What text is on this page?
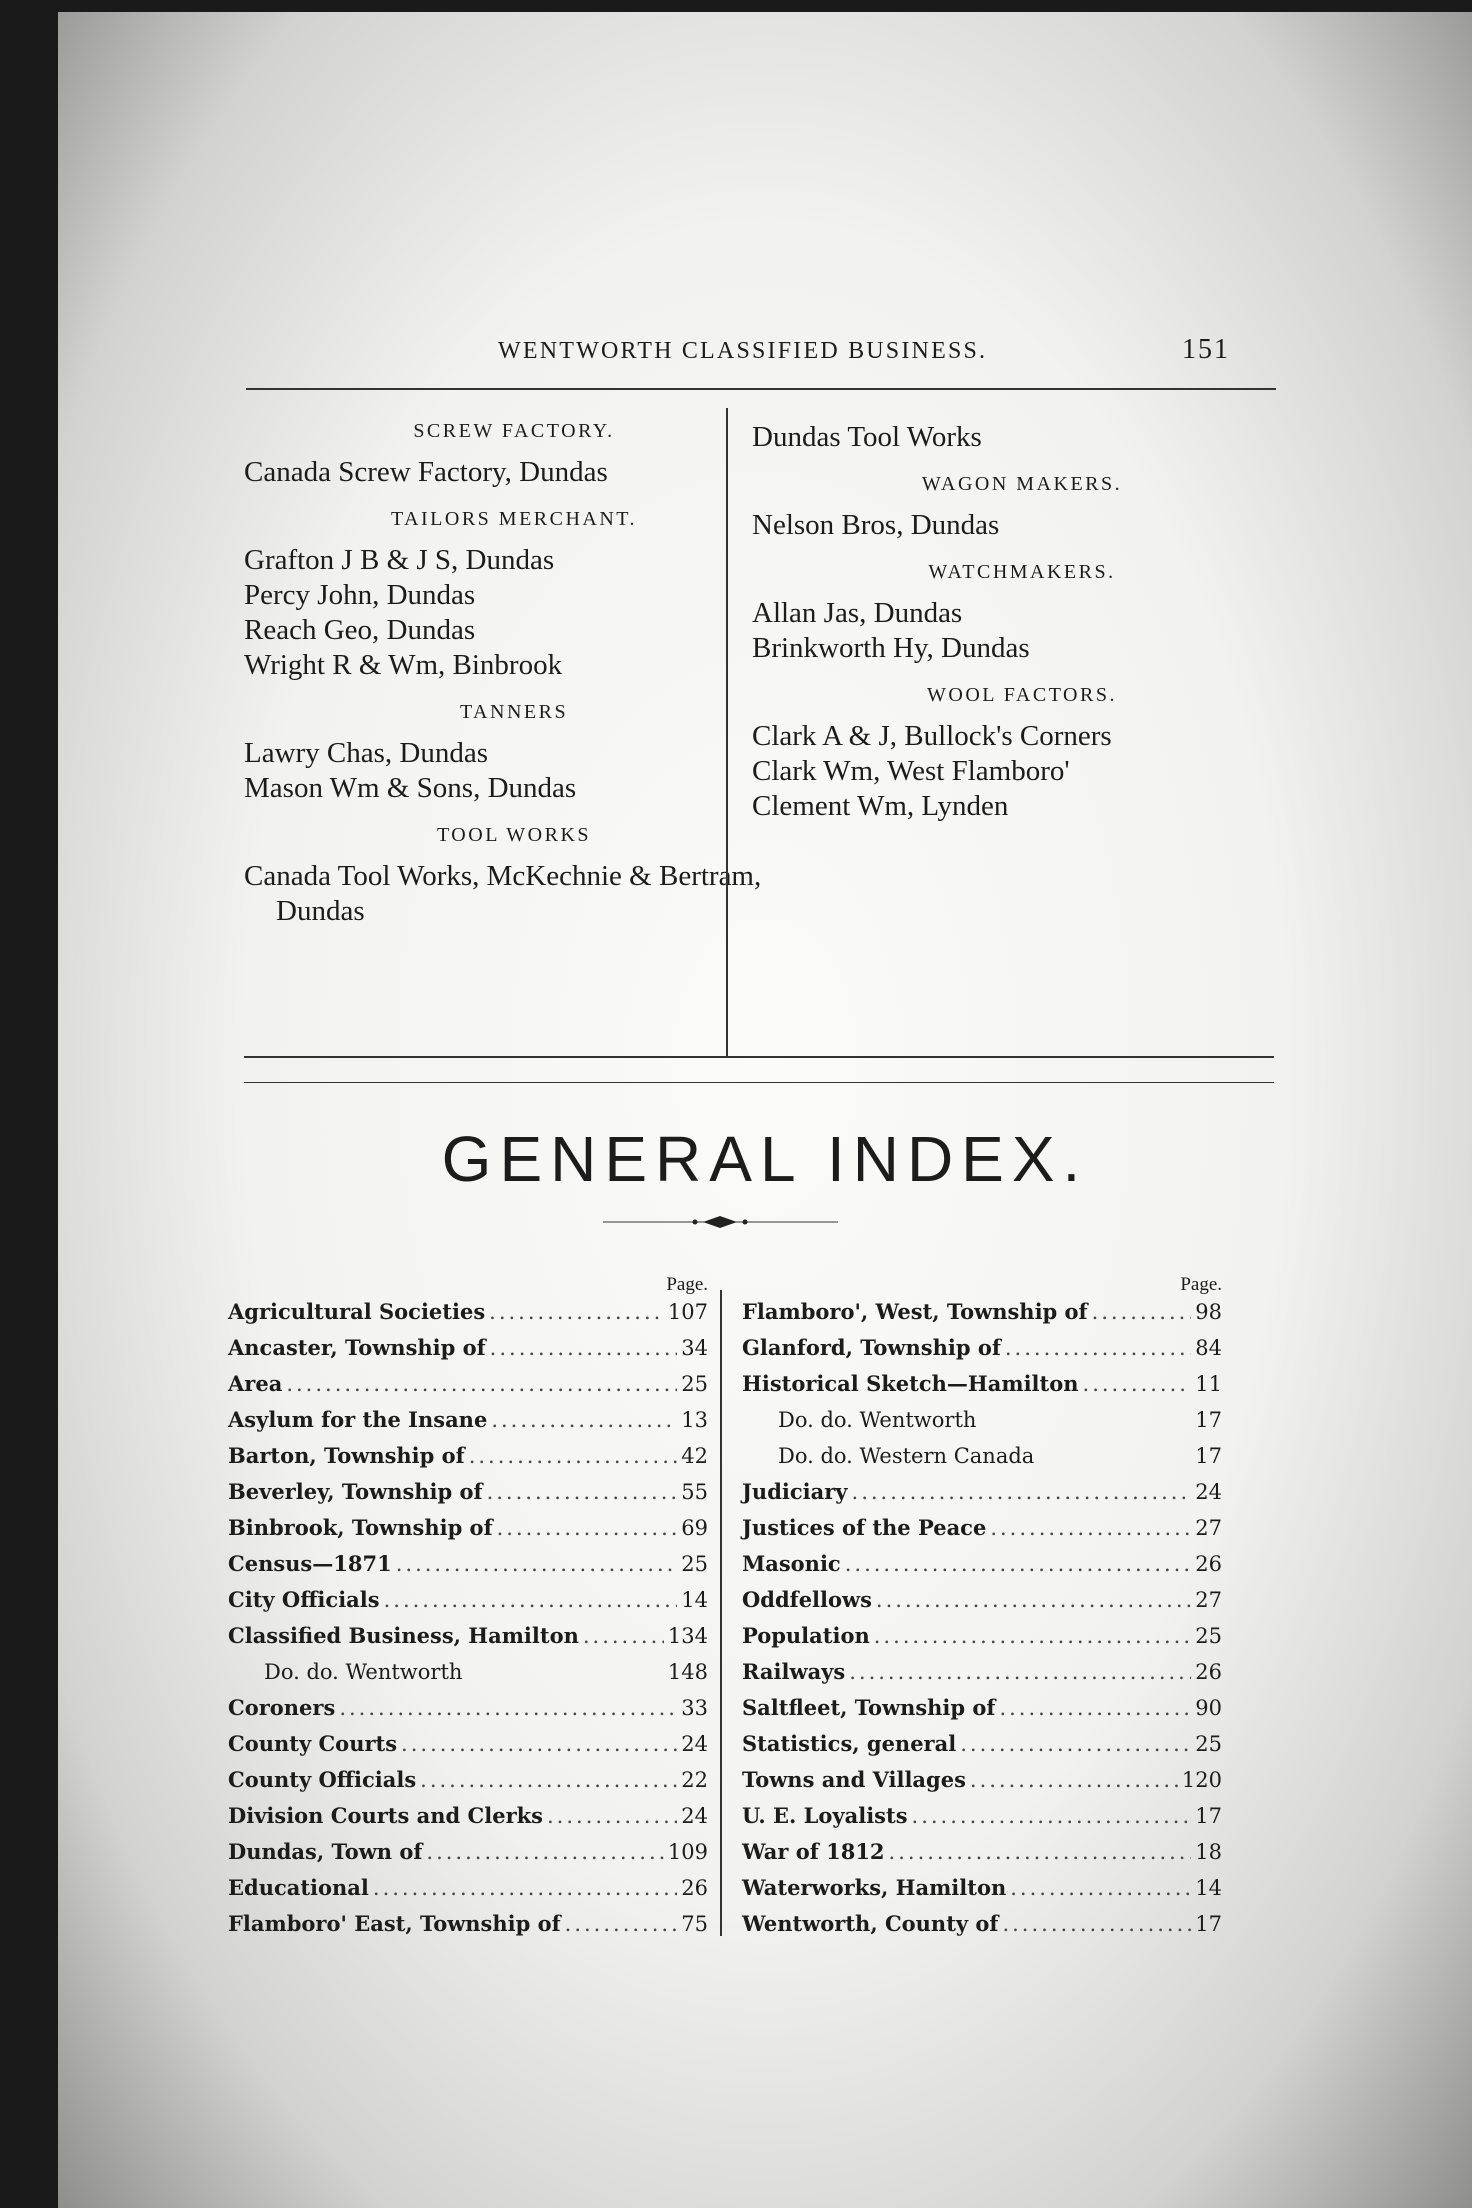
WENTWORTH CLASSIFIED BUSINESS.	151
SCREW FACTORY.
Canada Screw Factory, Dundas
TAILORS MERCHANT.
Grafton J B & J S, Dundas
Percy John, Dundas
Reach Geo, Dundas
Wright R & Wm, Binbrook
TANNERS
Lawry Chas, Dundas
Mason Wm & Sons, Dundas
TOOL WORKS
Canada Tool Works, McKechnie & Bertram, Dundas
Dundas Tool Works
WAGON MAKERS.
Nelson Bros, Dundas
WATCHMAKERS.
Allan Jas, Dundas
Brinkworth Hy, Dundas
WOOL FACTORS.
Clark A & J, Bullock's Corners
Clark Wm, West Flamboro'
Clement Wm, Lynden
GENERAL INDEX.
Page.
Agricultural Societies .....	107
Ancaster, Township of .....	34
Area .....	25
Asylum for the Insane .....	13
Barton, Township of .....	42
Beverley, Township of .....	55
Binbrook, Township of .....	69
Census—1871 .....	25
City Officials .....	14
Classified Business, Hamilton .....	134
Do. do. Wentworth	148
Coroners .....	33
County Courts .....	24
County Officials .....	22
Division Courts and Clerks .....	24
Dundas, Town of .....	109
Educational .....	26
Flamboro' East, Township of .....	75
Page.
Flamboro', West, Township of .....	98
Glanford, Township of .....	84
Historical Sketch—Hamilton .....	11
Do. do. Wentworth	17
Do. do. Western Canada	17
Judiciary .....	24
Justices of the Peace .....	27
Masonic .....	26
Oddfellows .....	27
Population .....	25
Railways .....	26
Saltfleet, Township of .....	90
Statistics, general .....	25
Towns and Villages .....	120
U. E. Loyalists .....	17
War of 1812 .....	18
Waterworks, Hamilton .....	14
Wentworth, County of .....	17
